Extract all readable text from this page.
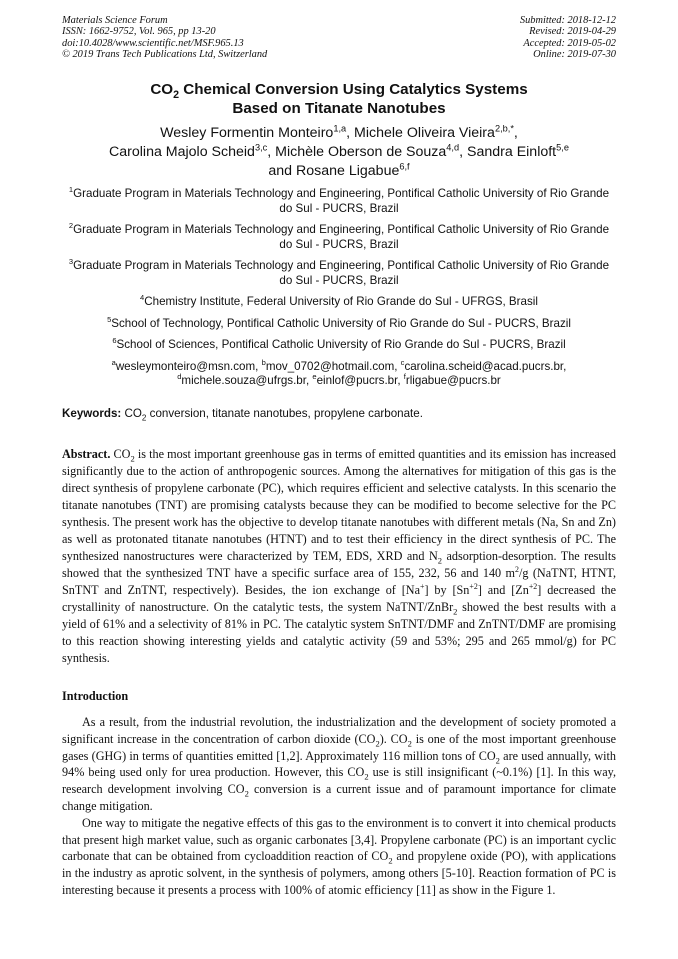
Materials Science Forum
ISSN: 1662-9752, Vol. 965, pp 13-20
doi:10.4028/www.scientific.net/MSF.965.13
© 2019 Trans Tech Publications Ltd, Switzerland
Submitted: 2018-12-12
Revised: 2019-04-29
Accepted: 2019-05-02
Online: 2019-07-30
$CO_2$ Chemical Conversion Using Catalytics Systems
Based on Titanate Nanotubes
Wesley Formentin Monteiro$^{1,a}$, Michele Oliveira Vieira$^{2,b,*}$,
Carolina Majolo Scheid$^{3,c}$, Michèle Oberson de Souza$^{4,d}$, Sandra Einloft$^{5,e}$
and Rosane Ligabue$^{6,f}$

$^1$Graduate Program in Materials Technology and Engineering, Pontifical Catholic University of Rio Grande do Sul - PUCRS, Brazil

$^2$Graduate Program in Materials Technology and Engineering, Pontifical Catholic University of Rio Grande do Sul - PUCRS, Brazil

$^3$Graduate Program in Materials Technology and Engineering, Pontifical Catholic University of Rio Grande do Sul - PUCRS, Brazil

$^4$Chemistry Institute, Federal University of Rio Grande do Sul - UFRGS, Brasil

$^5$School of Technology, Pontifical Catholic University of Rio Grande do Sul - PUCRS, Brazil

$^6$School of Sciences, Pontifical Catholic University of Rio Grande do Sul - PUCRS, Brazil

$^a$wesleymonteiro@msn.com, $^b$mov_0702@hotmail.com, $^c$carolina.scheid@acad.pucrs.br,
$^d$michele.souza@ufrgs.br, $^e$einlof@pucrs.br, $^f$rligabue@pucrs.br

Keywords: $CO_2$ conversion, titanate nanotubes, propylene carbonate.
Abstract. $CO_2$ is the most important greenhouse gas in terms of emitted quantities and its emission has increased significantly due to the action of anthropogenic sources. Among the alternatives for mitigation of this gas is the direct synthesis of propylene carbonate (PC), which requires efficient and selective catalysts. In this scenario the titanate nanotubes (TNT) are promising catalysts because they can be modified to become selective for the PC synthesis. The present work has the objective to develop titanate nanotubes with different metals (Na, Sn and Zn) as well as protonated titanate nanotubes (HTNT) and to test their efficiency in the direct synthesis of PC. The synthesized nanostructures were characterized by TEM, EDS, XRD and $N_2$ adsorption-desorption. The results showed that the synthesized TNT have a specific surface area of 155, 232, 56 and 140 $m^2/g$ (NaTNT, HTNT, SnTNT and ZnTNT, respectively). Besides, the ion exchange of [Na+] by $[Sn^{+2}]$ and $[Zn^{+2}]$ decreased the crystallinity of nanostructure. On the catalytic tests, the system NaTNT/ZnBr$_2$ showed the best results with a yield of 61% and a selectivity of 81% in PC. The catalytic system SnTNT/DMF and ZnTNT/DMF are promising to this reaction showing interesting yields and catalytic activity (59 and 53%; 295 and 265 mmol/g) for PC synthesis.
Introduction

As a result, from the industrial revolution, the industrialization and the development of society promoted a significant increase in the concentration of carbon dioxide $(CO_2)$. $CO_2$ is one of the most important greenhouse gases (GHG) in terms of quantities emitted [1,2]. Approximately 116 million tons of $CO_2$ are used annually, with 94% being used only for urea production. However, this $CO_2$ use is still insignificant (~0.1%) [1]. In this way, research development involving $CO_2$ conversion is a current issue and of paramount importance for climate change mitigation.

One way to mitigate the negative effects of this gas to the environment is to convert it into chemical products that present high market value, such as organic carbonates [3,4]. Propylene carbonate (PC) is an important cyclic carbonate that can be obtained from cycloaddition reaction of $CO_2$ and propylene oxide (PO), with applications in the industry as aprotic solvent, in the synthesis of polymers, among others [5-10]. Reaction formation of PC is interesting because it presents a process with 100% of atomic efficiency [11] as show in the Figure 1.
